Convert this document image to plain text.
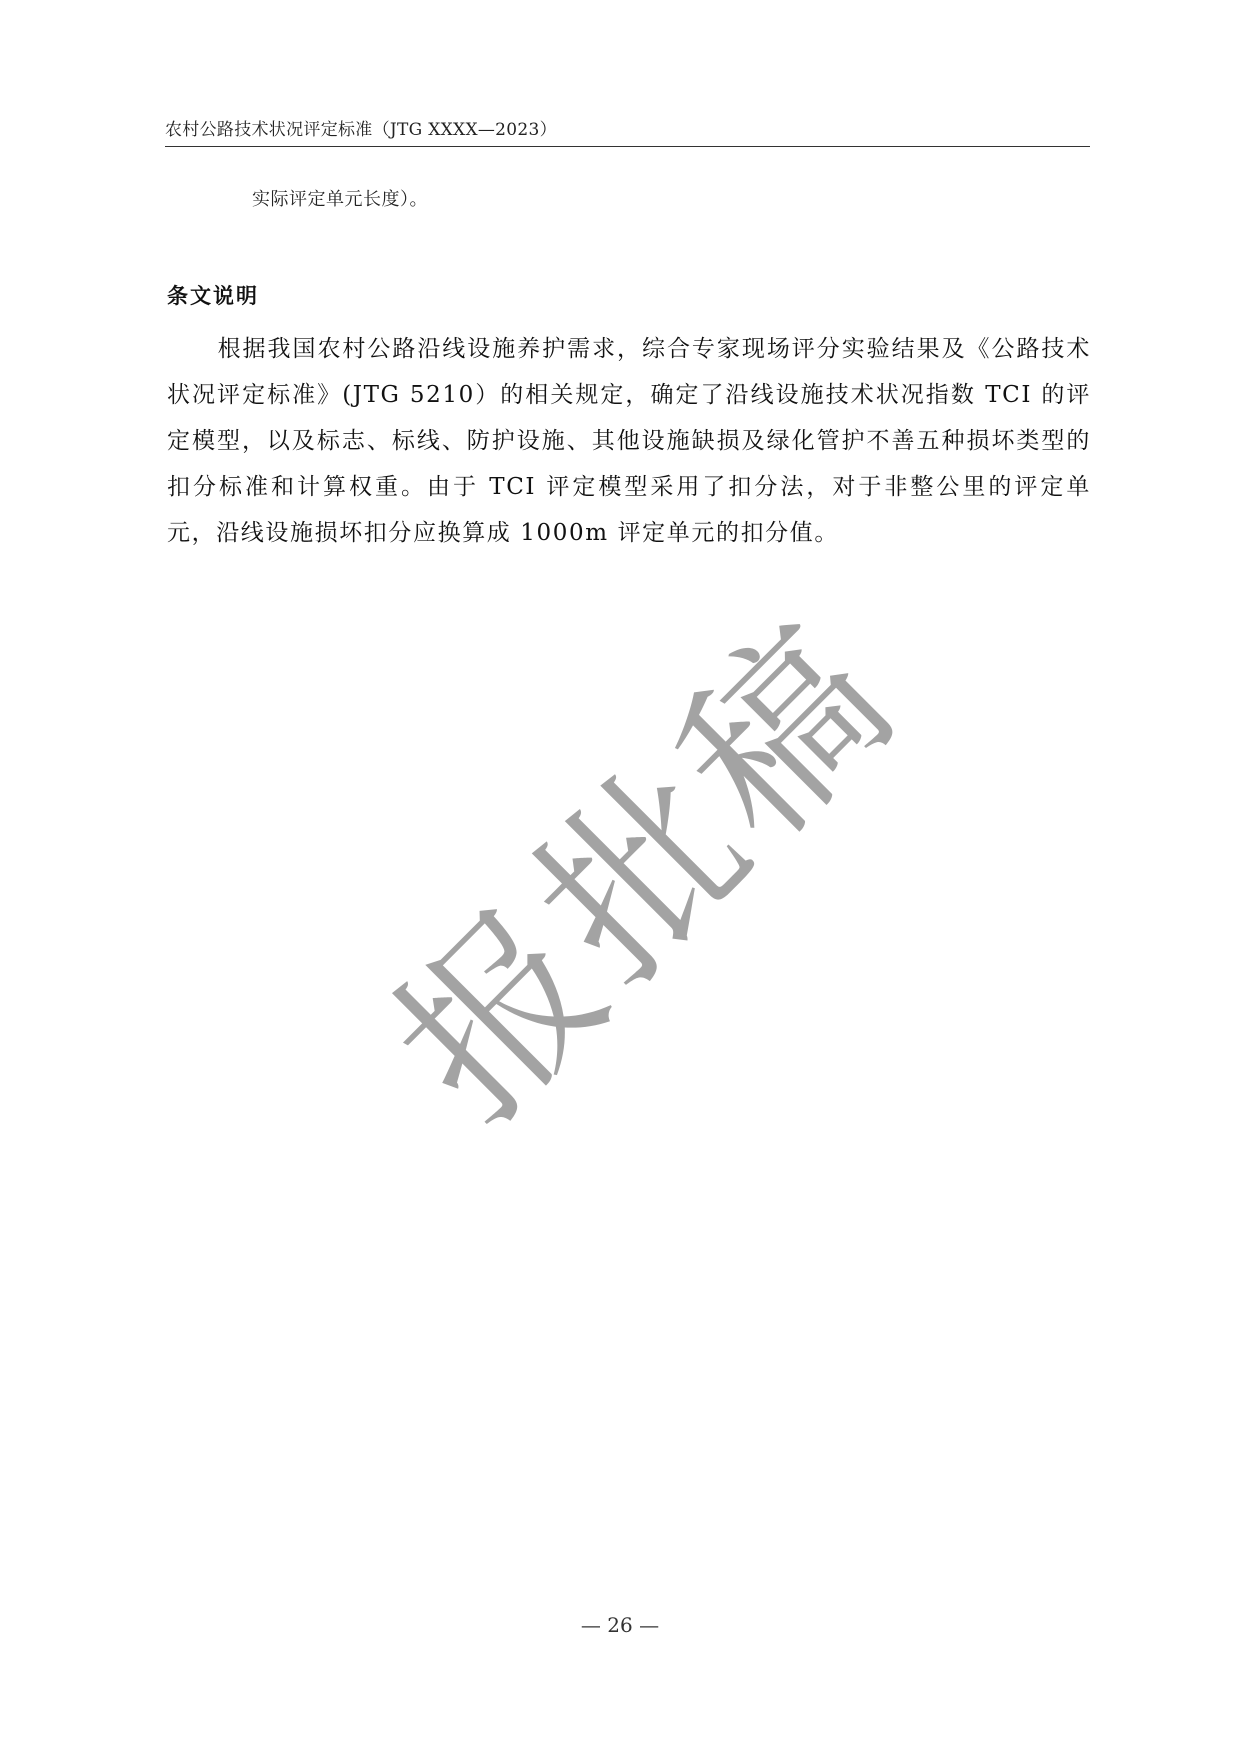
农村公路技术状况评定标准（JTG XXXX—2023）
实际评定单元长度）。
条文说明

根据我国农村公路沿线设施养护需求，综合专家现场评分实验结果及《公路技术状况评定标准》(JTG 5210）的相关规定，确定了沿线设施技术状况指数 TCI 的评定模型，以及标志、标线、防护设施、其他设施缺损及绿化管护不善五种损坏类型的扣分标准和计算权重。由于 TCI 评定模型采用了扣分法，对于非整公里的评定单元，沿线设施损坏扣分应换算成 1000m 评定单元的扣分值。

报批稿
— 26 —
